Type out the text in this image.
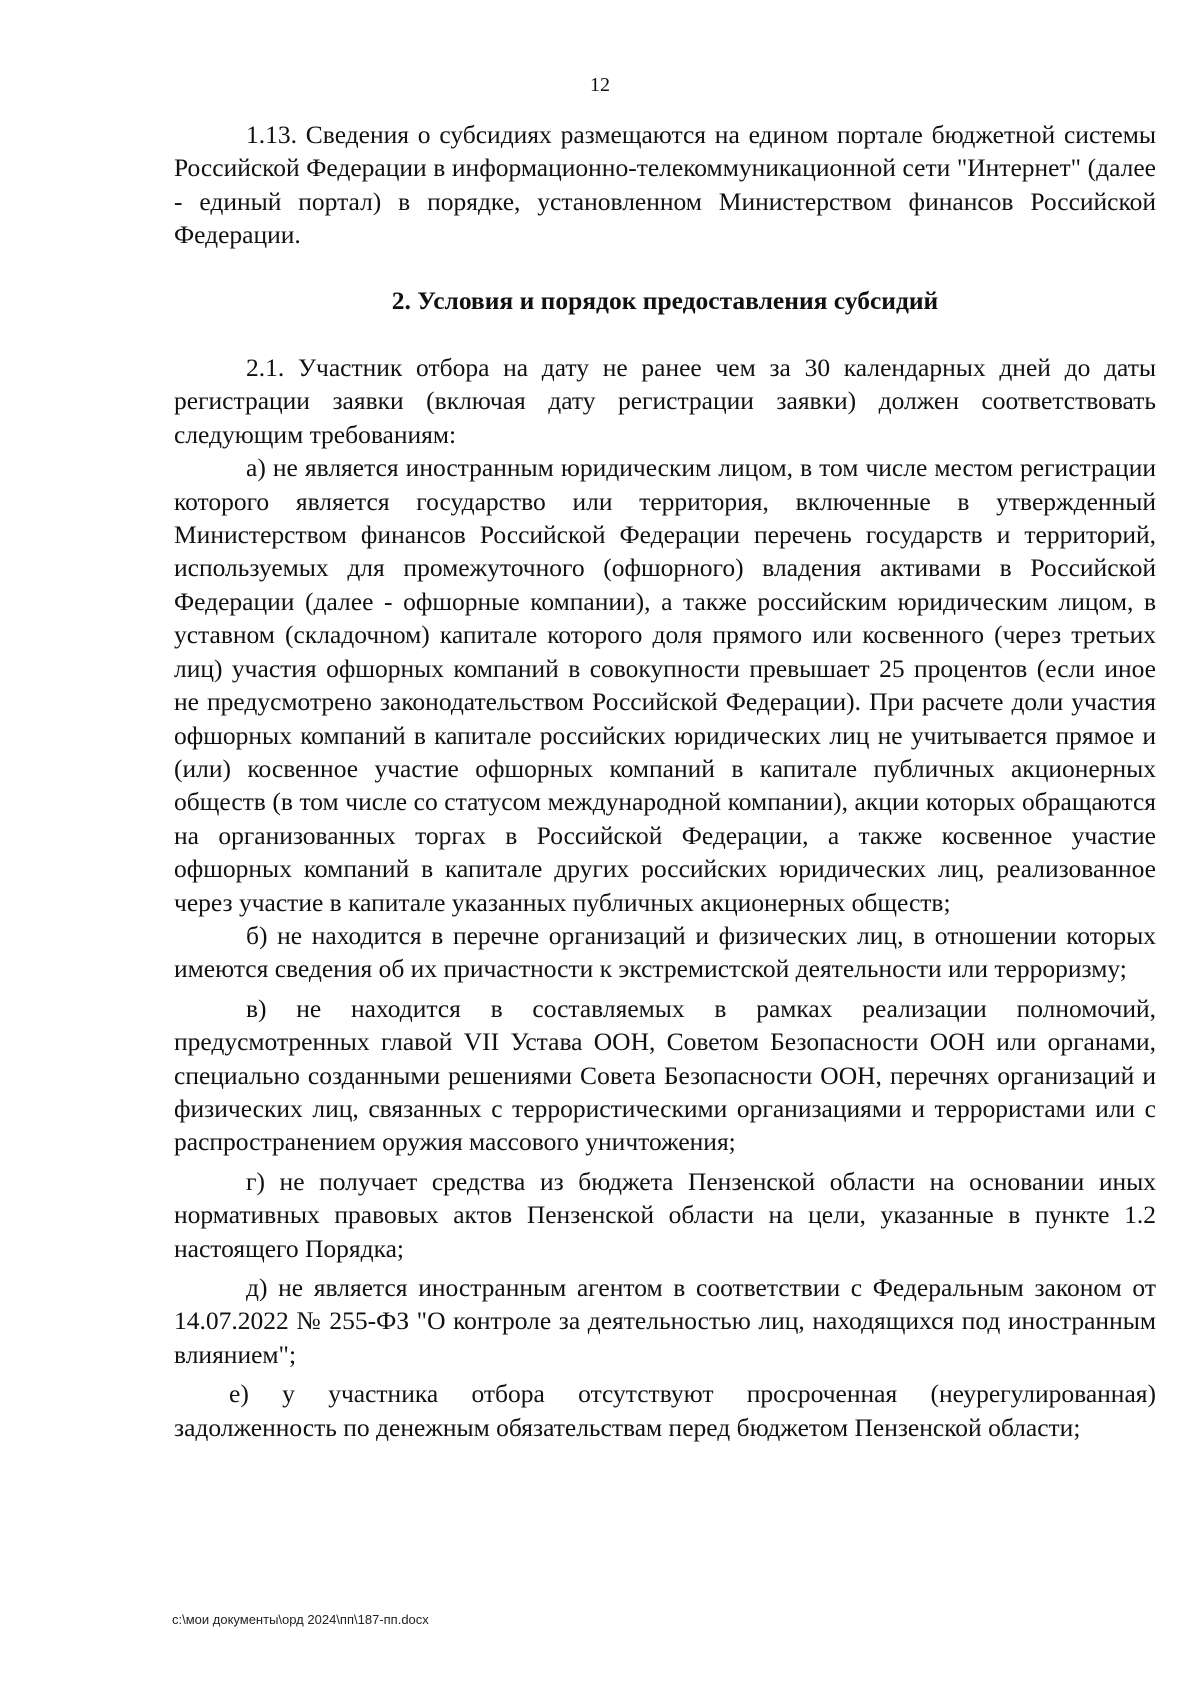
12

1.13. Сведения о субсидиях размещаются на едином портале бюджетной системы Российской Федерации в информационно-телекоммуникационной сети "Интернет" (далее - единый портал) в порядке, установленном Министерством финансов Российской Федерации.

2. Условия и порядок предоставления субсидий

2.1. Участник отбора на дату не ранее чем за 30 календарных дней до даты регистрации заявки (включая дату регистрации заявки) должен соответствовать следующим требованиям:

а) не является иностранным юридическим лицом, в том числе местом регистрации которого является государство или территория, включенные в утвержденный Министерством финансов Российской Федерации перечень государств и территорий, используемых для промежуточного (офшорного) владения активами в Российской Федерации (далее - офшорные компании), а также российским юридическим лицом, в уставном (складочном) капитале которого доля прямого или косвенного (через третьих лиц) участия офшорных компаний в совокупности превышает 25 процентов (если иное не предусмотрено законодательством Российской Федерации). При расчете доли участия офшорных компаний в капитале российских юридических лиц не учитывается прямое и (или) косвенное участие офшорных компаний в капитале публичных акционерных обществ (в том числе со статусом международной компании), акции которых обращаются на организованных торгах в Российской Федерации, а также косвенное участие офшорных компаний в капитале других российских юридических лиц, реализованное через участие в капитале указанных публичных акционерных обществ;

б) не находится в перечне организаций и физических лиц, в отношении которых имеются сведения об их причастности к экстремистской деятельности или терроризму;

в) не находится в составляемых в рамках реализации полномочий, предусмотренных главой VII Устава ООН, Советом Безопасности ООН или органами, специально созданными решениями Совета Безопасности ООН, перечнях организаций и физических лиц, связанных с террористическими организациями и террористами или с распространением оружия массового уничтожения;

г) не получает средства из бюджета Пензенской области на основании иных нормативных правовых актов Пензенской области на цели, указанные в пункте 1.2 настоящего Порядка;

д) не является иностранным агентом в соответствии с Федеральным законом от 14.07.2022 № 255-ФЗ "О контроле за деятельностью лиц, находящихся под иностранным влиянием";

е) у участника отбора отсутствуют просроченная (неурегулированная) задолженность по денежным обязательствам перед бюджетом Пензенской области;

c:\мои документы\орд 2024\пп\187-пп.docx
